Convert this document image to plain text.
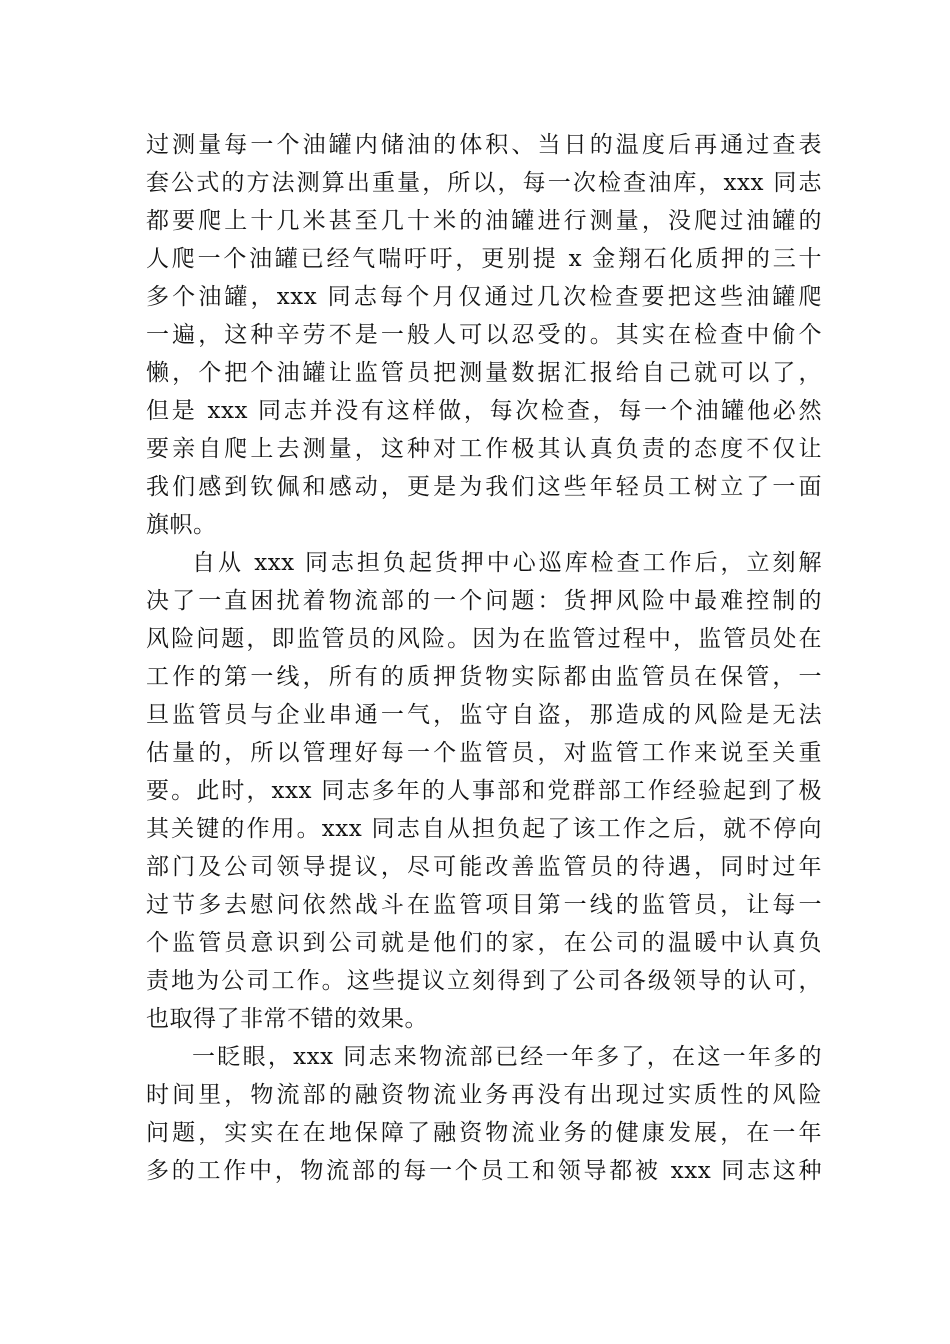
过测量每一个油罐内储油的体积、当日的温度后再通过查表
套公式的方法测算出重量，所以，每一次检查油库，xxx 同志
都要爬上十几米甚至几十米的油罐进行测量，没爬过油罐的
人爬一个油罐已经气喘吁吁，更别提 x 金翔石化质押的三十
多个油罐，xxx 同志每个月仅通过几次检查要把这些油罐爬
一遍，这种辛劳不是一般人可以忍受的。其实在检查中偷个
懒，个把个油罐让监管员把测量数据汇报给自己就可以了，
但是 xxx 同志并没有这样做，每次检查，每一个油罐他必然
要亲自爬上去测量，这种对工作极其认真负责的态度不仅让
我们感到钦佩和感动，更是为我们这些年轻员工树立了一面
旗帜。
自从 xxx 同志担负起货押中心巡库检查工作后，立刻解
决了一直困扰着物流部的一个问题：货押风险中最难控制的
风险问题，即监管员的风险。因为在监管过程中，监管员处在
工作的第一线，所有的质押货物实际都由监管员在保管，一
旦监管员与企业串通一气，监守自盗，那造成的风险是无法
估量的，所以管理好每一个监管员，对监管工作来说至关重
要。此时，xxx 同志多年的人事部和党群部工作经验起到了极
其关键的作用。xxx 同志自从担负起了该工作之后，就不停向
部门及公司领导提议，尽可能改善监管员的待遇，同时过年
过节多去慰问依然战斗在监管项目第一线的监管员，让每一
个监管员意识到公司就是他们的家，在公司的温暖中认真负
责地为公司工作。这些提议立刻得到了公司各级领导的认可，
也取得了非常不错的效果。
一眨眼，xxx 同志来物流部已经一年多了，在这一年多的
时间里，物流部的融资物流业务再没有出现过实质性的风险
问题，实实在在地保障了融资物流业务的健康发展，在一年
多的工作中，物流部的每一个员工和领导都被 xxx 同志这种
